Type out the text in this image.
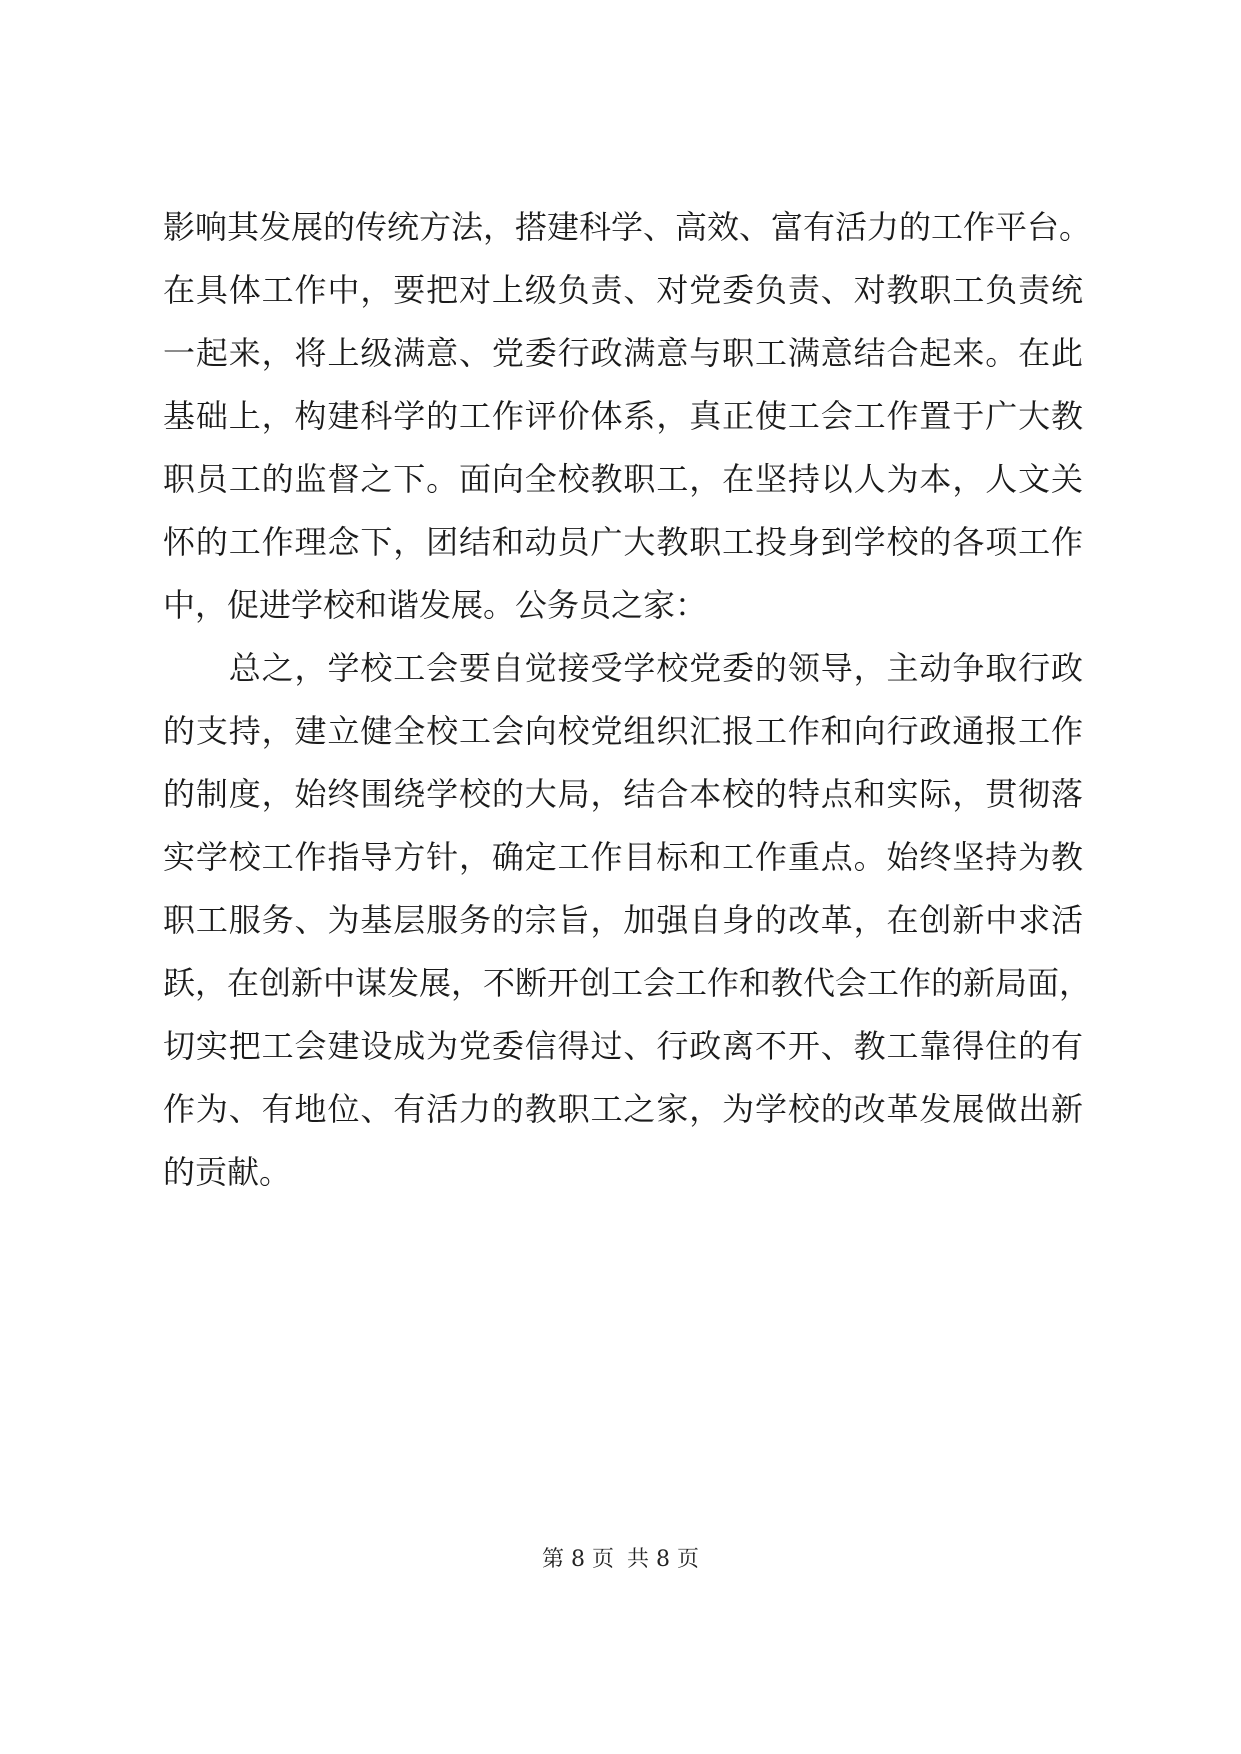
影响其发展的传统方法，搭建科学、高效、富有活力的工作平台。
在具体工作中，要把对上级负责、对党委负责、对教职工负责统
一起来，将上级满意、党委行政满意与职工满意结合起来。在此
基础上，构建科学的工作评价体系，真正使工会工作置于广大教
职员工的监督之下。面向全校教职工，在坚持以人为本，人文关
怀的工作理念下，团结和动员广大教职工投身到学校的各项工作
中，促进学校和谐发展。公务员之家：
　　总之，学校工会要自觉接受学校党委的领导，主动争取行政
的支持，建立健全校工会向校党组织汇报工作和向行政通报工作
的制度，始终围绕学校的大局，结合本校的特点和实际，贯彻落
实学校工作指导方针，确定工作目标和工作重点。始终坚持为教
职工服务、为基层服务的宗旨，加强自身的改革，在创新中求活
跃，在创新中谋发展，不断开创工会工作和教代会工作的新局面，
切实把工会建设成为党委信得过、行政离不开、教工靠得住的有
作为、有地位、有活力的教职工之家，为学校的改革发展做出新
的贡献。
第 8 页 共 8 页
